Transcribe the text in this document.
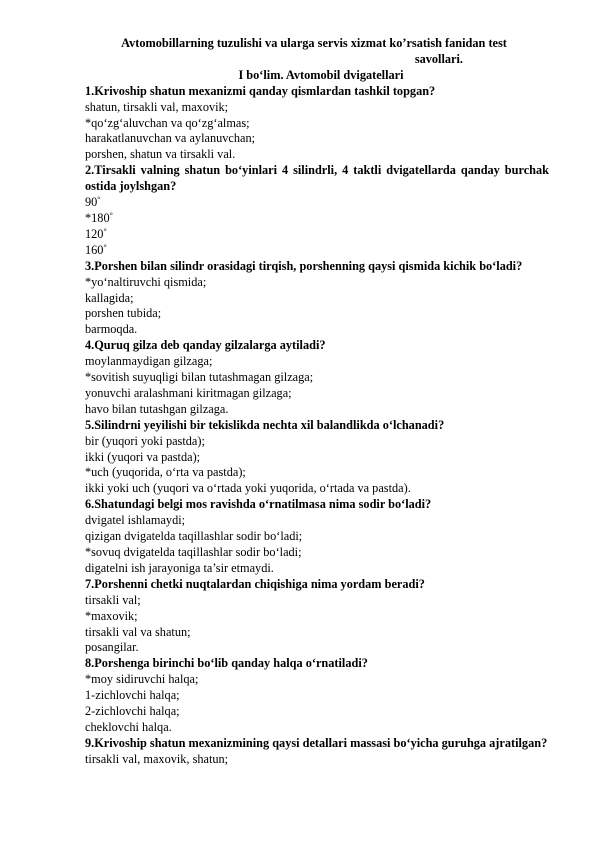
Avtomobillarning tuzulishi va ularga servis xizmat ko’rsatish fanidan test
savollari.

I bo‘lim. Avtomobil dvigatellari

1.Krivoship shatun mexanizmi qanday qismlardan tashkil topgan?

shatun, tirsakli val, maxovik;

*qo‘zg‘aluvchan va qo‘zg‘almas;

harakatlanuvchan va aylanuvchan;

porshen, shatun va tirsakli val.

2.Tirsakli valning shatun bo‘yinlari 4 silindrli, 4 taktli dvigatellarda qanday burchak ostida joylshgan?

90°

*180°

120°

160°

3.Porshen bilan silindr orasidagi tirqish, porshenning qaysi qismida kichik bo‘ladi?

*yo‘naltiruvchi qismida;

kallagida;

porshen tubida;

barmoqda.

4.Quruq gilza deb qanday gilzalarga aytiladi?

moylanmaydigan gilzaga;

*sovitish suyuqligi bilan tutashmagan gilzaga;

yonuvchi aralashmani kiritmagan gilzaga;

havo bilan tutashgan gilzaga.

5.Silindrni yeyilishi bir tekislikda nechta xil balandlikda o‘lchanadi?

bir (yuqori yoki pastda);

ikki (yuqori va pastda);

*uch (yuqorida, o‘rta va pastda);

ikki yoki uch (yuqori va o‘rtada yoki yuqorida, o‘rtada va pastda).

6.Shatundagi belgi mos ravishda o‘rnatilmasa nima sodir bo‘ladi?

dvigatel ishlamaydi;

qizigan dvigatelda taqillashlar sodir bo‘ladi;

*sovuq dvigatelda taqillashlar sodir bo‘ladi;

digatelni ish jarayoniga ta’sir etmaydi.

7.Porshenni chetki nuqtalardan chiqishiga nima yordam beradi?

tirsakli val;

*maxovik;

tirsakli val va shatun;

posangilar.

8.Porshenga birinchi bo‘lib qanday halqa o‘rnatiladi?

*moy sidiruvchi halqa;

1-zichlovchi halqa;

2-zichlovchi halqa;

cheklovchi halqa.

9.Krivoship shatun mexanizmining qaysi detallari massasi bo‘yicha guruhga ajratilgan?

tirsakli val, maxovik, shatun;
